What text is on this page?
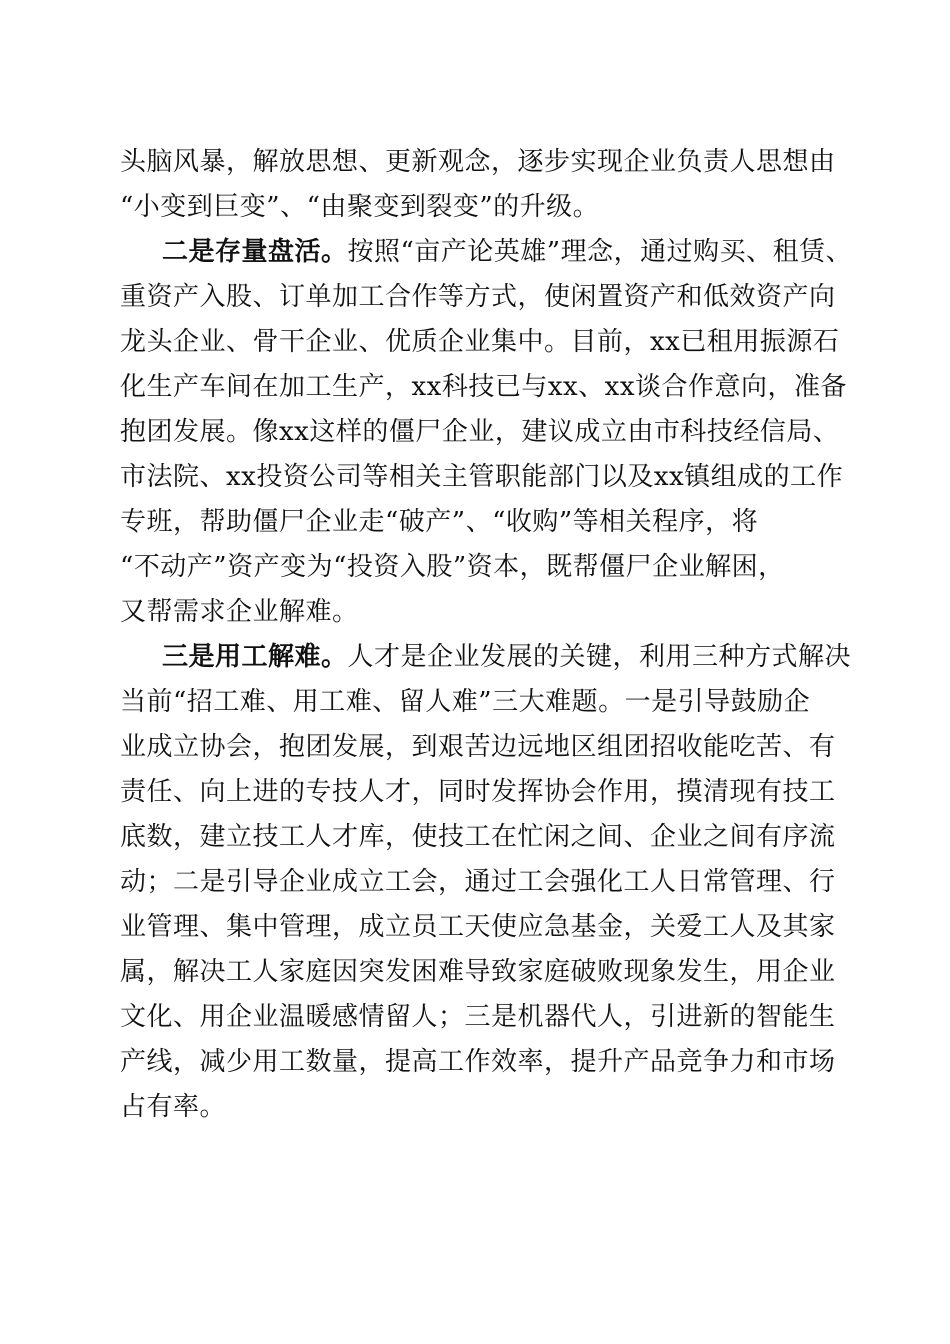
头脑风暴，解放思想、更新观念，逐步实现企业负责人思想由
“小变到巨变”、“由聚变到裂变”的升级。
二是存量盘活。按照“亩产论英雄”理念，通过购买、租赁、
重资产入股、订单加工合作等方式，使闲置资产和低效资产向
龙头企业、骨干企业、优质企业集中。目前，xx已租用振源石
化生产车间在加工生产，xx科技已与xx、xx谈合作意向，准备
抱团发展。像xx这样的僵尸企业，建议成立由市科技经信局、
市法院、xx投资公司等相关主管职能部门以及xx镇组成的工作
专班，帮助僵尸企业走“破产”、“收购”等相关程序，将
“不动产”资产变为“投资入股”资本，既帮僵尸企业解困，
又帮需求企业解难。
三是用工解难。人才是企业发展的关键，利用三种方式解决
当前“招工难、用工难、留人难”三大难题。一是引导鼓励企
业成立协会，抱团发展，到艰苦边远地区组团招收能吃苦、有
责任、向上进的专技人才，同时发挥协会作用，摸清现有技工
底数，建立技工人才库，使技工在忙闲之间、企业之间有序流
动；二是引导企业成立工会，通过工会强化工人日常管理、行
业管理、集中管理，成立员工天使应急基金，关爱工人及其家
属，解决工人家庭因突发困难导致家庭破败现象发生，用企业
文化、用企业温暖感情留人；三是机器代人，引进新的智能生
产线，减少用工数量，提高工作效率，提升产品竞争力和市场
占有率。
